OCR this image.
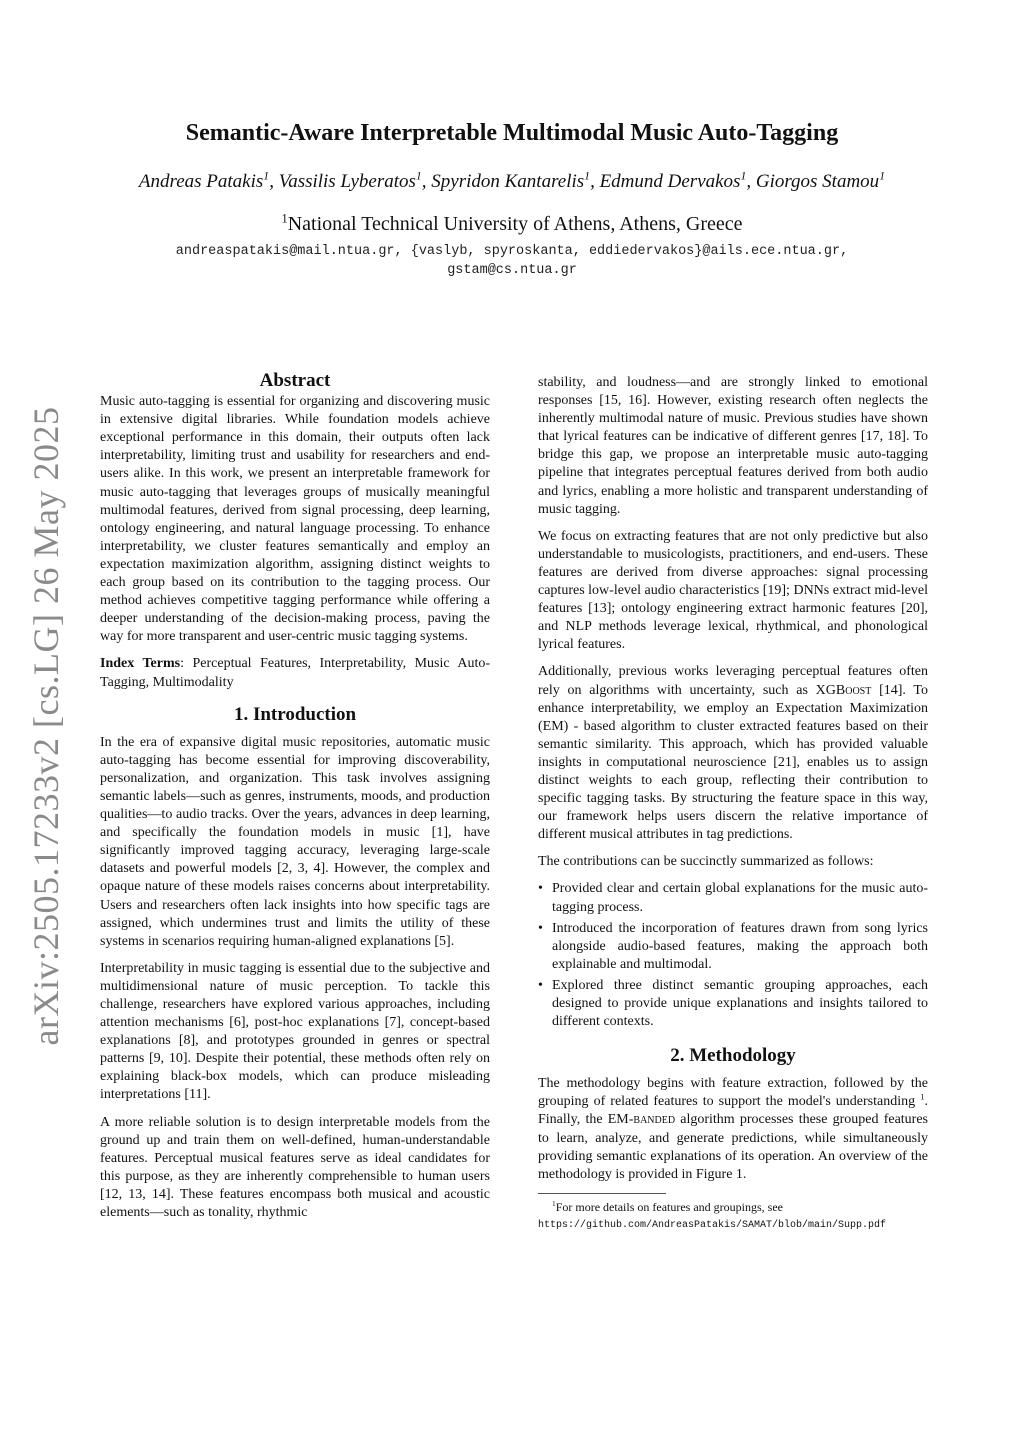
arXiv:2505.17233v2 [cs.LG] 26 May 2025
Semantic-Aware Interpretable Multimodal Music Auto-Tagging
Andreas Patakis$^1$, Vassilis Lyberatos$^1$, Spyridon Kantarelis$^1$, Edmund Dervakos$^1$, Giorgos Stamou$^1$
$^1$National Technical University of Athens, Athens, Greece
andreaspatakis@mail.ntua.gr, {vaslyb, spyroskanta, eddiedervakos}@ails.ece.ntua.gr,
gstam@cs.ntua.gr
Abstract

Music auto-tagging is essential for organizing and discovering music in extensive digital libraries. While foundation models achieve exceptional performance in this domain, their outputs often lack interpretability, limiting trust and usability for researchers and end-users alike. In this work, we present an interpretable framework for music auto-tagging that leverages groups of musically meaningful multimodal features, derived from signal processing, deep learning, ontology engineering, and natural language processing. To enhance interpretability, we cluster features semantically and employ an expectation maximization algorithm, assigning distinct weights to each group based on its contribution to the tagging process. Our method achieves competitive tagging performance while offering a deeper understanding of the decision-making process, paving the way for more transparent and user-centric music tagging systems.

Index Terms: Perceptual Features, Interpretability, Music Auto-Tagging, Multimodality

1. Introduction

In the era of expansive digital music repositories, automatic music auto-tagging has become essential for improving discoverability, personalization, and organization. This task involves assigning semantic labels—such as genres, instruments, moods, and production qualities—to audio tracks. Over the years, advances in deep learning, and specifically the foundation models in music [1], have significantly improved tagging accuracy, leveraging large-scale datasets and powerful models [2, 3, 4]. However, the complex and opaque nature of these models raises concerns about interpretability. Users and researchers often lack insights into how specific tags are assigned, which undermines trust and limits the utility of these systems in scenarios requiring human-aligned explanations [5].

Interpretability in music tagging is essential due to the subjective and multidimensional nature of music perception. To tackle this challenge, researchers have explored various approaches, including attention mechanisms [6], post-hoc explanations [7], concept-based explanations [8], and prototypes grounded in genres or spectral patterns [9, 10]. Despite their potential, these methods often rely on explaining black-box models, which can produce misleading interpretations [11].

A more reliable solution is to design interpretable models from the ground up and train them on well-defined, human-understandable features. Perceptual musical features serve as ideal candidates for this purpose, as they are inherently comprehensible to human users [12, 13, 14]. These features encompass both musical and acoustic elements—such as tonality, rhythmic

stability, and loudness—and are strongly linked to emotional responses [15, 16]. However, existing research often neglects the inherently multimodal nature of music. Previous studies have shown that lyrical features can be indicative of different genres [17, 18]. To bridge this gap, we propose an interpretable music auto-tagging pipeline that integrates perceptual features derived from both audio and lyrics, enabling a more holistic and transparent understanding of music tagging.

We focus on extracting features that are not only predictive but also understandable to musicologists, practitioners, and end-users. These features are derived from diverse approaches: signal processing captures low-level audio characteristics [19]; DNNs extract mid-level features [13]; ontology engineering extract harmonic features [20], and NLP methods leverage lexical, rhythmical, and phonological lyrical features.

Additionally, previous works leveraging perceptual features often rely on algorithms with uncertainty, such as XGBoost [14]. To enhance interpretability, we employ an Expectation Maximization (EM) - based algorithm to cluster extracted features based on their semantic similarity. This approach, which has provided valuable insights in computational neuroscience [21], enables us to assign distinct weights to each group, reflecting their contribution to specific tagging tasks. By structuring the feature space in this way, our framework helps users discern the relative importance of different musical attributes in tag predictions.

The contributions can be succinctly summarized as follows:

• Provided clear and certain global explanations for the music auto-tagging process.
• Introduced the incorporation of features drawn from song lyrics alongside audio-based features, making the approach both explainable and multimodal.
• Explored three distinct semantic grouping approaches, each designed to provide unique explanations and insights tailored to different contexts.
2. Methodology

The methodology begins with feature extraction, followed by the grouping of related features to support the model's understanding $^1$. Finally, the EM-banded algorithm processes these grouped features to learn, analyze, and generate predictions, while simultaneously providing semantic explanations of its operation. An overview of the methodology is provided in Figure 1.

$^1$For more details on features and groupings, see
https://github.com/AndreasPatakis/SAMAT/blob/main/Supp.pdf
